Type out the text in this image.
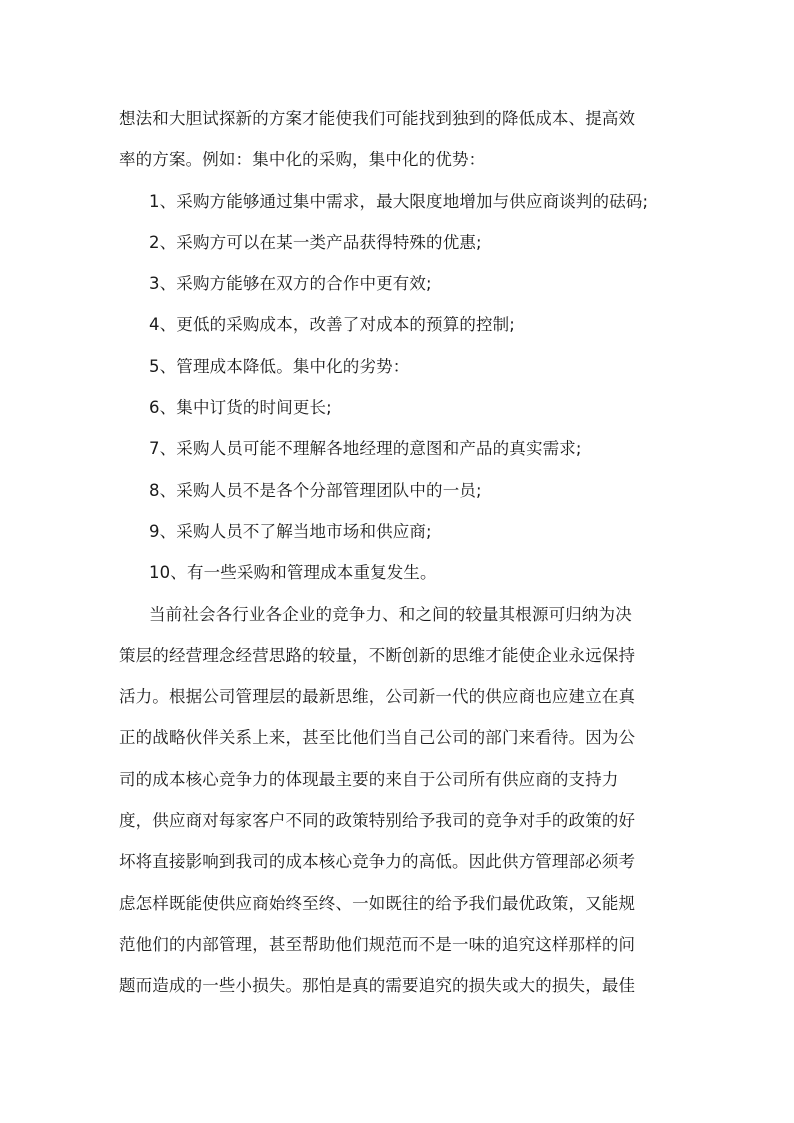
想法和大胆试探新的方案才能使我们可能找到独到的降低成本、提高效
率的方案。例如：集中化的采购，集中化的优势：
1、采购方能够通过集中需求，最大限度地增加与供应商谈判的砝码;
2、采购方可以在某一类产品获得特殊的优惠;
3、采购方能够在双方的合作中更有效;
4、更低的采购成本，改善了对成本的预算的控制;
5、管理成本降低。集中化的劣势：
6、集中订货的时间更长;
7、采购人员可能不理解各地经理的意图和产品的真实需求;
8、采购人员不是各个分部管理团队中的一员;
9、采购人员不了解当地市场和供应商;
10、有一些采购和管理成本重复发生。
当前社会各行业各企业的竞争力、和之间的较量其根源可归纳为决
策层的经营理念经营思路的较量，不断创新的思维才能使企业永远保持
活力。根据公司管理层的最新思维，公司新一代的供应商也应建立在真
正的战略伙伴关系上来，甚至比他们当自己公司的部门来看待。因为公
司的成本核心竞争力的体现最主要的来自于公司所有供应商的支持力
度，供应商对每家客户不同的政策特别给予我司的竞争对手的政策的好
坏将直接影响到我司的成本核心竞争力的高低。因此供方管理部必须考
虑怎样既能使供应商始终至终、一如既往的给予我们最优政策，又能规
范他们的内部管理，甚至帮助他们规范而不是一味的追究这样那样的问
题而造成的一些小损失。那怕是真的需要追究的损失或大的损失，最佳
